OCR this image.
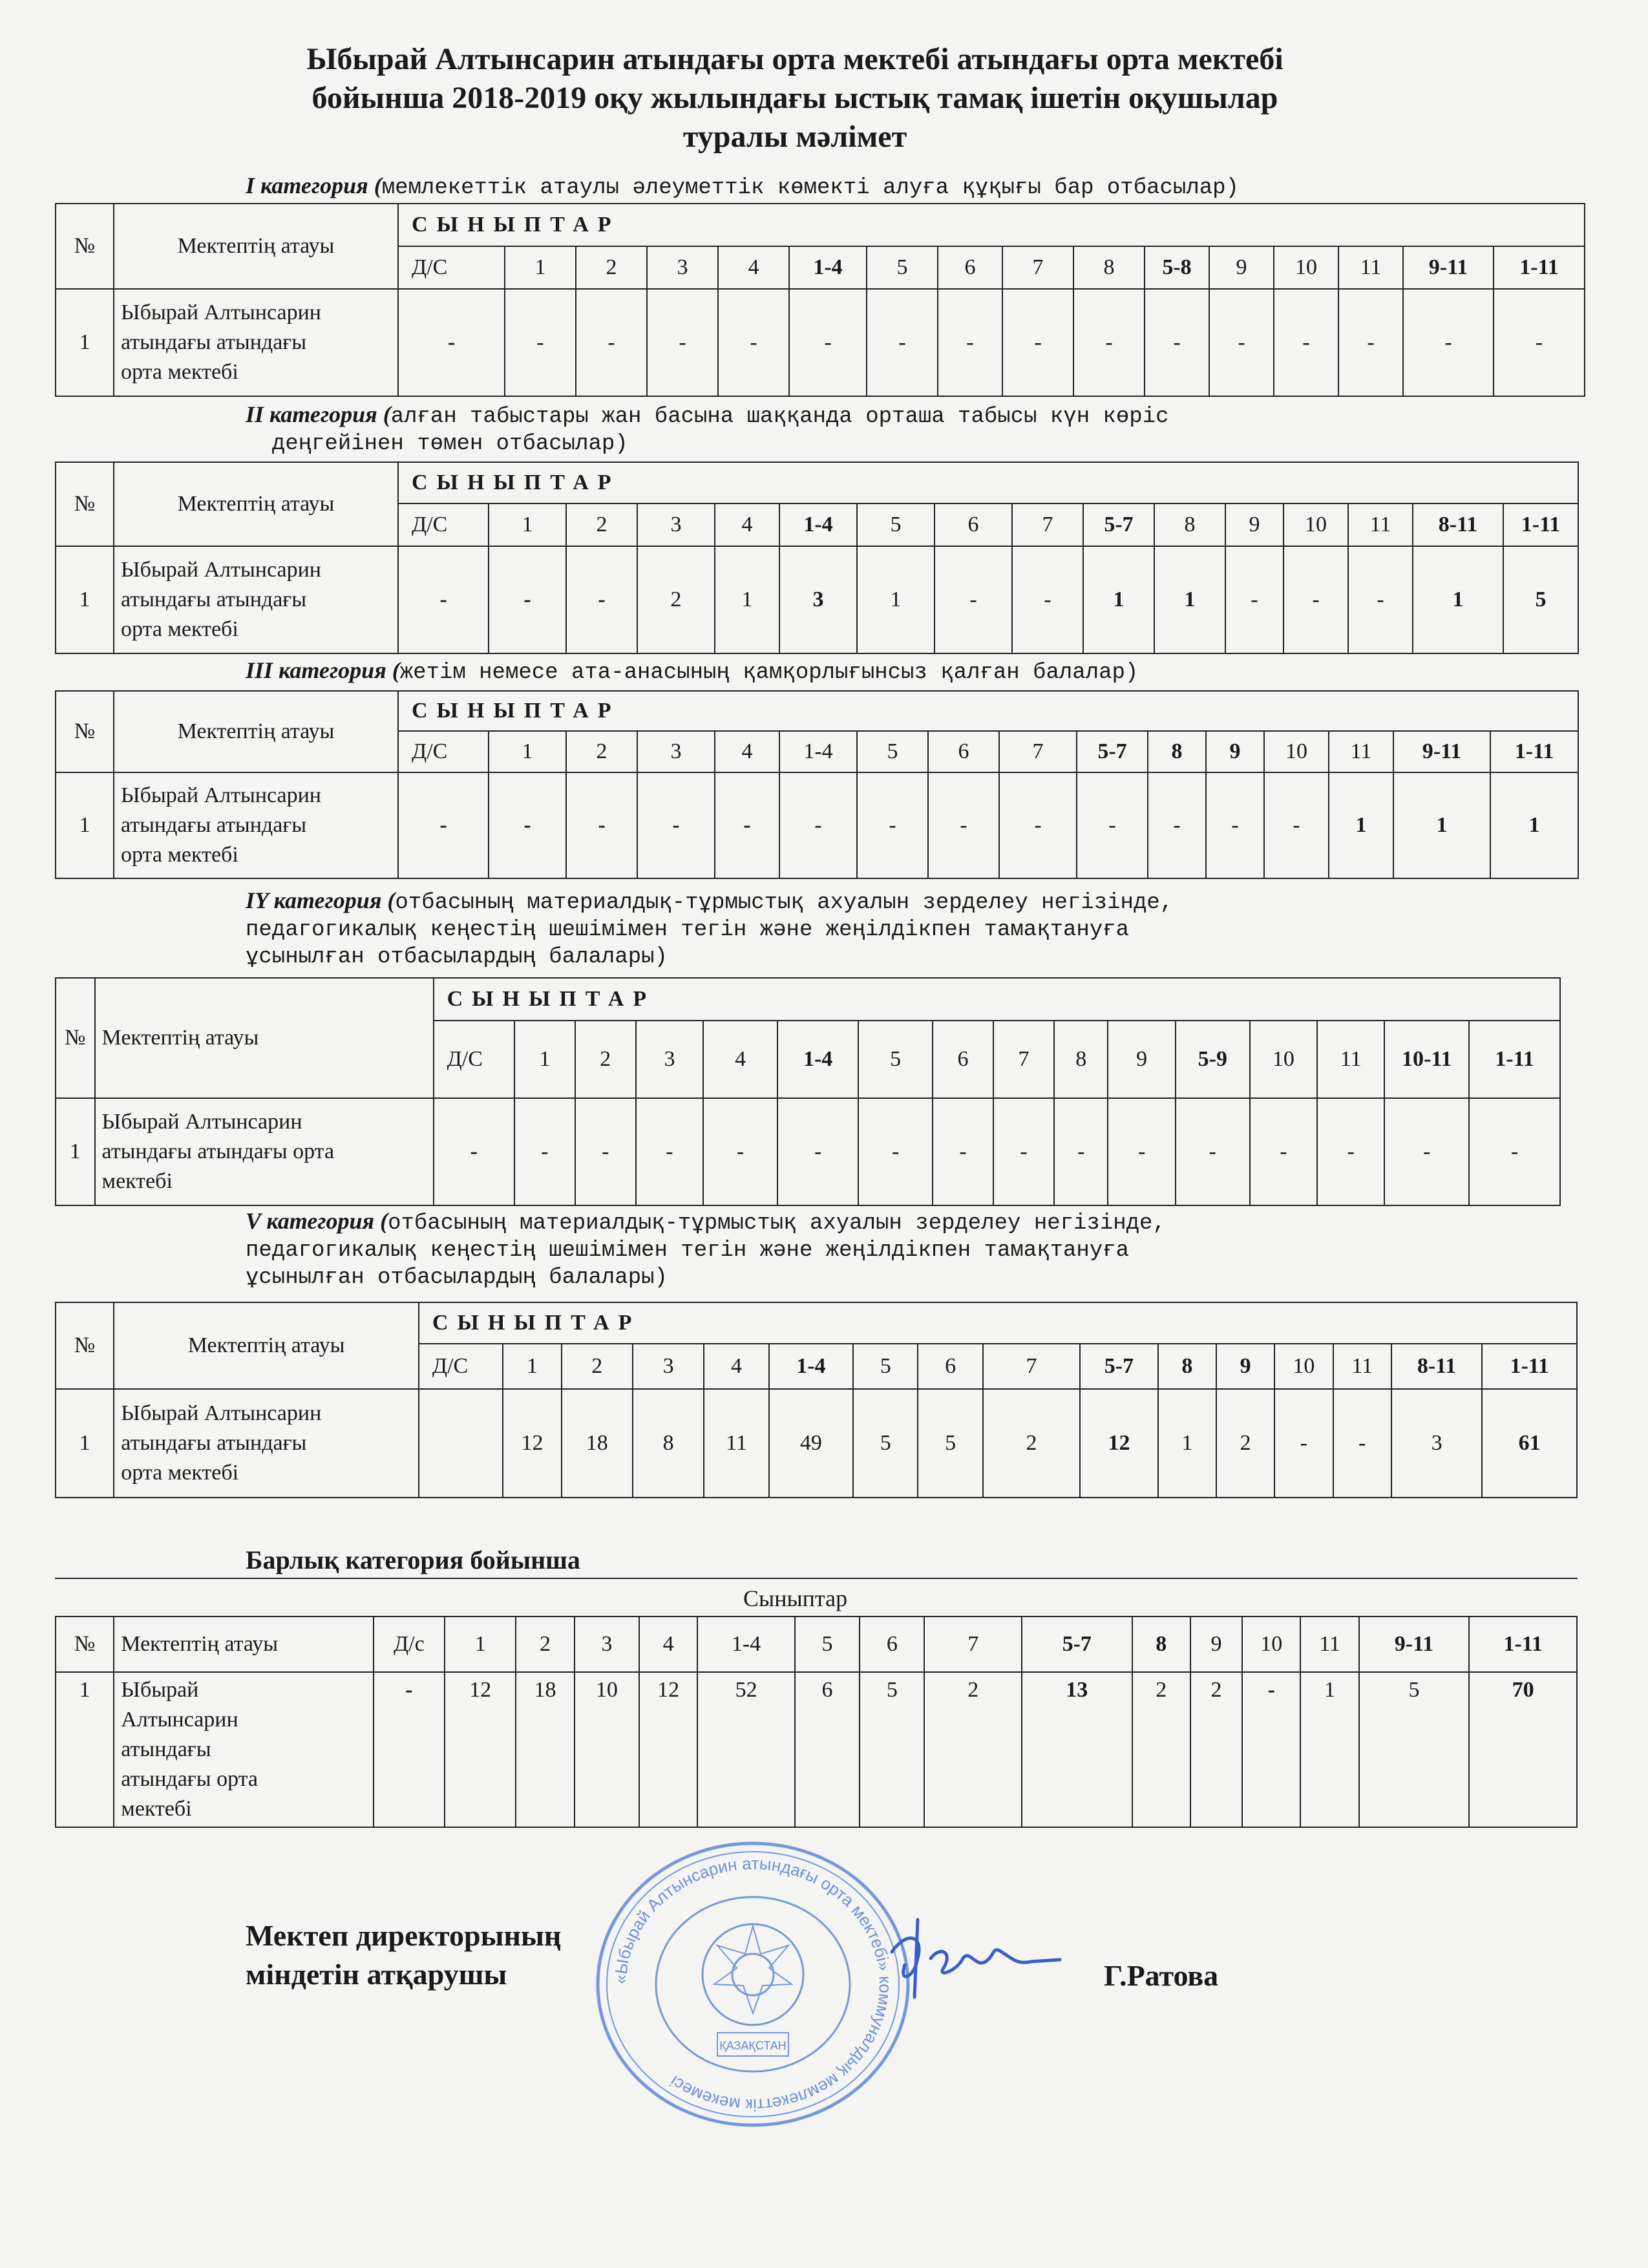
Ыбырай Алтынсарин атындағы орта мектебі атындағы орта мектебі
бойынша 2018-2019 оқу жылындағы ыстық тамақ ішетін оқушылар
туралы мәлімет
I категория (мемлекеттік атаулы әлеуметтік көмекті алуға құқығы бар отбасылар)
II категория (алған табыстары жан басына шаққанда орташа табысы күн көріс
деңгейінен төмен отбасылар)
III категория (жетім немесе ата-анасының қамқорлығынсыз қалған балалар)
IY категория (отбасының материалдық-тұрмыстық ахуалын зерделеу негізінде,
педагогикалық кеңестің шешімімен тегін және жеңілдікпен тамақтануға
ұсынылған отбасылардың балалары)
V категория (отбасының материалдық-тұрмыстық ахуалын зерделеу негізінде,
педагогикалық кеңестің шешімімен тегін және жеңілдікпен тамақтануға
ұсынылған отбасылардың балалары)
№	Мектептің атауы	СЫНЫПТАР															
		Д/С	1	2	3	4	1-4	5	6	7	8	5-8	9	10	11	9-11	1-11
1	Ыбырай Алтынсарин
атындағы атындағы
орта мектебі	-	-	-	-	-	-	-	-	-	-	-	-	-	-	-	-
№	Мектептің атауы	СЫНЫПТАР															
		Д/С	1	2	3	4	1-4	5	6	7	5-7	8	9	10	11	8-11	1-11
1	Ыбырай Алтынсарин
атындағы атындағы
орта мектебі	-	-	-	2	1	3	1	-	-	1	1	-	-	-	1	5
№	Мектептің атауы	СЫНЫПТАР															
		Д/С	1	2	3	4	1-4	5	6	7	5-7	8	9	10	11	9-11	1-11
1	Ыбырай Алтынсарин
атындағы атындағы
орта мектебі	-	-	-	-	-	-	-	-	-	-	-	-	-	1	1	1
№	Мектептің атауы	СЫНЫПТАР															
		Д/С	1	2	3	4	1-4	5	6	7	8	9	5-9	10	11	10-11	1-11
1	Ыбырай Алтынсарин
атындағы атындағы орта
мектебі	-	-	-	-	-	-	-	-	-	-	-	-	-	-	-	-
№	Мектептің атауы	СЫНЫПТАР															
		Д/С	1	2	3	4	1-4	5	6	7	5-7	8	9	10	11	8-11	1-11
1	Ыбырай Алтынсарин
атындағы атындағы
орта мектебі		12	18	8	11	49	5	5	2	12	1	2	-	-	3	61
Барлық категория бойынша
Сыныптар
№	Мектептің атауы	Д/с	1	2	3	4	1-4	5	6	7	5-7	8	9	10	11	9-11	1-11
1	Ыбырай
Алтынсарин
атындағы
атындағы орта
мектебі	-	12	18	10	12	52	6	5	2	13	2	2	-	1	5	70
«Ыбырай Алтынсарин атындағы орта мектебі» коммуналдық мемлекеттік мекемесі
ҚАЗАҚСТАН
Мектеп директорының
міндетін атқарушы	Г.Ратова
